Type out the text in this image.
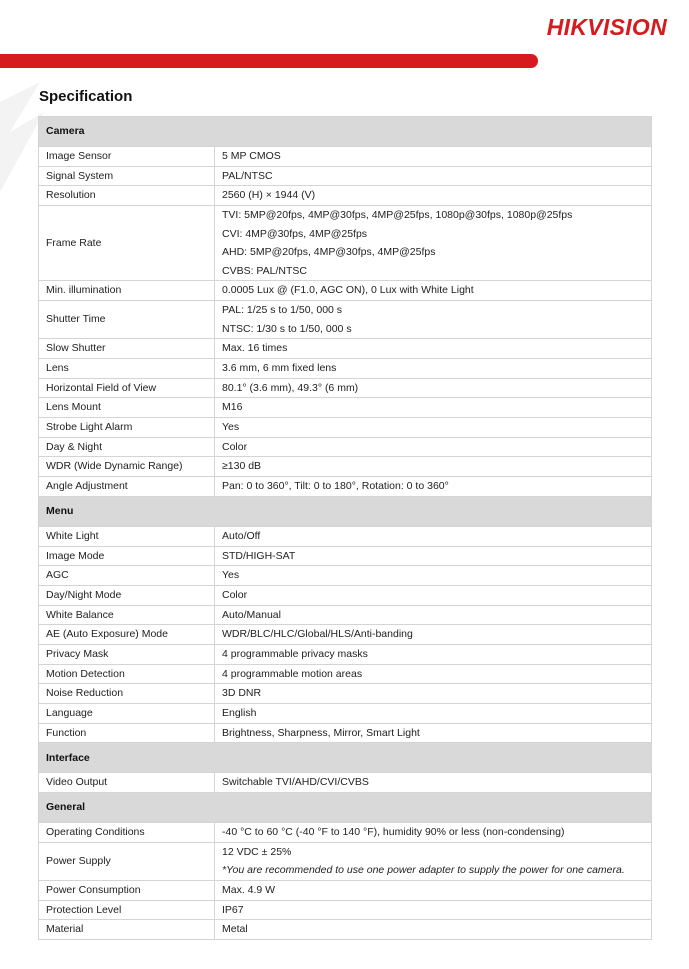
HIKVISION
Specification
Camera	
Image Sensor	5 MP CMOS

Signal System	PAL/NTSC

Resolution	2560 (H) × 1944 (V)

Frame Rate	TVI: 5MP@20fps, 4MP@30fps, 4MP@25fps, 1080p@30fps, 1080p@25fps
CVI: 4MP@30fps, 4MP@25fps
AHD: 5MP@20fps, 4MP@30fps, 4MP@25fps
CVBS: PAL/NTSC

Min. illumination	0.0005 Lux @ (F1.0, AGC ON), 0 Lux with White Light

Shutter Time	PAL: 1/25 s to 1/50, 000 s
NTSC: 1/30 s to 1/50, 000 s

Slow Shutter	Max. 16 times

Lens	3.6 mm, 6 mm fixed lens

Horizontal Field of View	80.1° (3.6 mm), 49.3° (6 mm)

Lens Mount	M16

Strobe Light Alarm	Yes

Day & Night	Color

WDR (Wide Dynamic Range)	≥130 dB

Angle Adjustment	Pan: 0 to 360°, Tilt: 0 to 180°, Rotation: 0 to 360°

Menu	
White Light	Auto/Off

Image Mode	STD/HIGH-SAT

AGC	Yes

Day/Night Mode	Color

White Balance	Auto/Manual

AE (Auto Exposure) Mode	WDR/BLC/HLC/Global/HLS/Anti-banding

Privacy Mask	4 programmable privacy masks

Motion Detection	4 programmable motion areas

Noise Reduction	3D DNR

Language	English

Function	Brightness, Sharpness, Mirror, Smart Light

Interface	
Video Output	Switchable TVI/AHD/CVI/CVBS

General	
Operating Conditions	-40 °C to 60 °C (-40 °F to 140 °F), humidity 90% or less (non-condensing)

Power Supply	12 VDC ± 25%
*You are recommended to use one power adapter to supply the power for one camera.

Power Consumption	Max. 4.9 W

Protection Level	IP67

Material	Metal
